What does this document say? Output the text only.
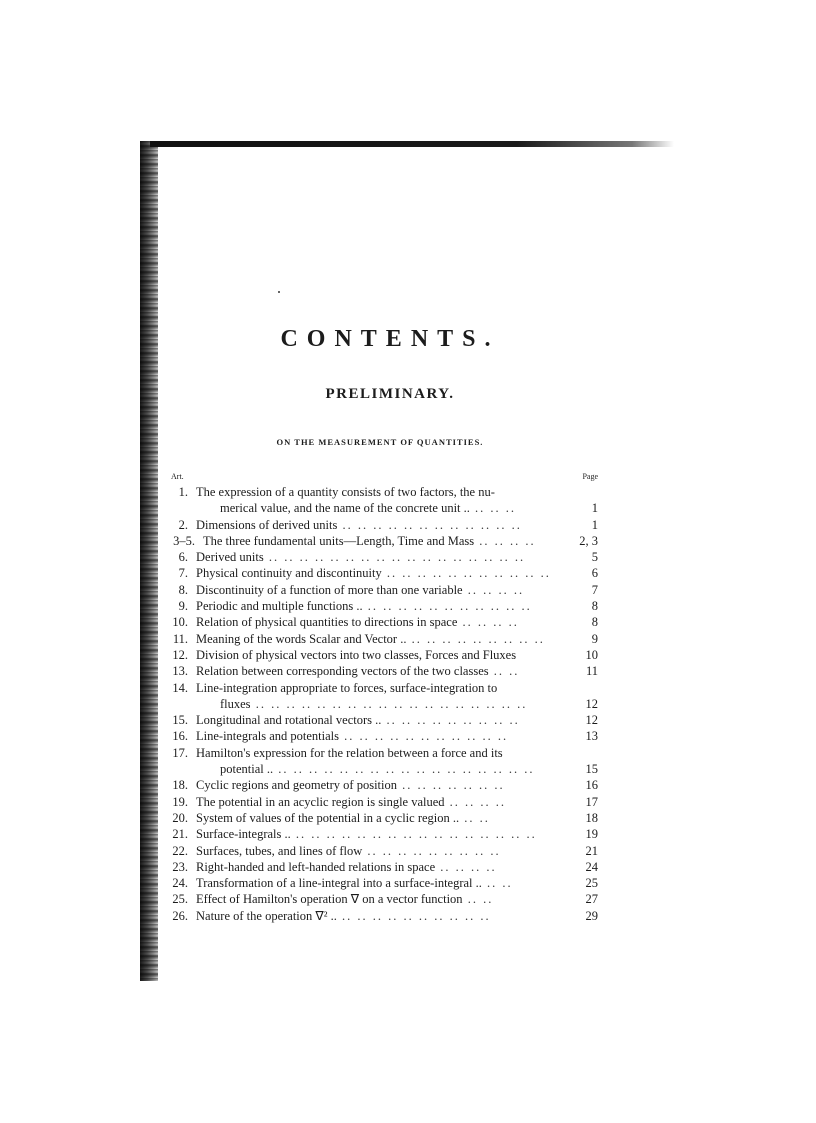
CONTENTS.
PRELIMINARY.
ON THE MEASUREMENT OF QUANTITIES.
Art.	Page
1. The expression of a quantity consists of two factors, the nu-
merical value, and the name of the concrete unit .. .. .. ..	1
2. Dimensions of derived units .. .. .. .. .. .. .. .. .. .. .. ..	1
3–5. The three fundamental units—Length, Time and Mass .. .. .. ..	2, 3
6. Derived units .. .. .. .. .. .. .. .. .. .. .. .. .. .. .. .. ..	5
7. Physical continuity and discontinuity .. .. .. .. .. .. .. .. .. .. ..	6
8. Discontinuity of a function of more than one variable .. .. .. ..	7
9. Periodic and multiple functions .. .. .. .. .. .. .. .. .. .. .. ..	8
10. Relation of physical quantities to directions in space .. .. .. ..	8
11. Meaning of the words Scalar and Vector .. .. .. .. .. .. .. .. .. ..	9
12. Division of physical vectors into two classes, Forces and Fluxes	10
13. Relation between corresponding vectors of the two classes .. ..	11
14. Line-integration appropriate to forces, surface-integration to
fluxes .. .. .. .. .. .. .. .. .. .. .. .. .. .. .. .. .. ..	12
15. Longitudinal and rotational vectors .. .. .. .. .. .. .. .. .. ..	12
16. Line-integrals and potentials .. .. .. .. .. .. .. .. .. .. ..	13
17. Hamilton's expression for the relation between a force and its
potential .. .. .. .. .. .. .. .. .. .. .. .. .. .. .. .. .. ..	15
18. Cyclic regions and geometry of position .. .. .. .. .. .. ..	16
19. The potential in an acyclic region is single valued .. .. .. ..	17
20. System of values of the potential in a cyclic region .. .. ..	18
21. Surface-integrals .. .. .. .. .. .. .. .. .. .. .. .. .. .. .. .. ..	19
22. Surfaces, tubes, and lines of flow .. .. .. .. .. .. .. .. ..	21
23. Right-handed and left-handed relations in space .. .. .. ..	24
24. Transformation of a line-integral into a surface-integral .. .. ..	25
25. Effect of Hamilton's operation ∇ on a vector function .. ..	27
26. Nature of the operation ∇² .. .. .. .. .. .. .. .. .. .. ..	29
